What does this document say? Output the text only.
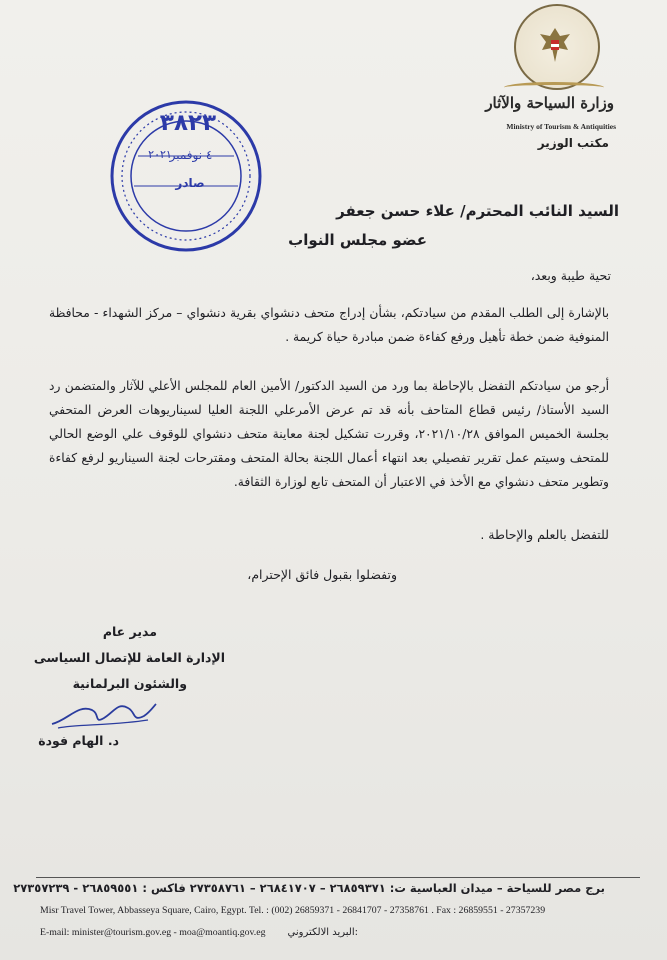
وزارة السياحة والآثار
Ministry of Tourism & Antiquities
مكتب الوزير
٣٨٢٣
٤ نوفمبر
٢٠٢١
صادر
السيد النائب المحترم/ علاء حسن جعفر
عضو مجلس النواب
تحية طيبة وبعد،
بالإشارة إلى الطلب المقدم من سيادتكم، بشأن إدراج متحف دنشواي بقرية دنشواي – مركز الشهداء - محافظة المنوفية ضمن خطة تأهيل ورفع كفاءة ضمن مبادرة حياة كريمة .
أرجو من سيادتكم التفضل بالإحاطة بما ورد من السيد الدكتور/ الأمين العام للمجلس الأعلي للآثار والمتضمن رد السيد الأستاذ/ رئيس قطاع المتاحف بأنه قد تم عرض الأمرعلي اللجنة العليا لسيناريوهات العرض المتحفي بجلسة الخميس الموافق ٢٠٢١/١٠/٢٨، وقررت تشكيل لجنة معاينة متحف دنشواي للوقوف علي الوضع الحالي للمتحف وسيتم عمل تقرير تفصيلي بعد انتهاء أعمال اللجنة بحالة المتحف ومقترحات لجنة السيناريو لرفع كفاءة وتطوير متحف دنشواي مع الأخذ في الاعتبار أن المتحف تابع لوزارة الثقافة.
للتفضل بالعلم والإحاطة .
وتفضلوا بقبول فائق الإحترام،
مدير عام
الإدارة العامة للإتصال السياسى
والشئون البرلمانية
د. الهام فودة
برج مصر للسياحة – ميدان العباسية ت: ٢٦٨٥٩٣٧١ – ٢٦٨٤١٧٠٧ – ٢٧٣٥٨٧٦١ فاكس : ٢٦٨٥٩٥٥١ - ٢٧٣٥٧٢٣٩
Misr Travel Tower, Abbasseya Square, Cairo, Egypt. Tel. : (002) 26859371 - 26841707 - 27358761 . Fax : 26859551 - 27357239
E-mail: minister@tourism.gov.eg - moa@moantiq.gov.eg البريد الالكتروني:
